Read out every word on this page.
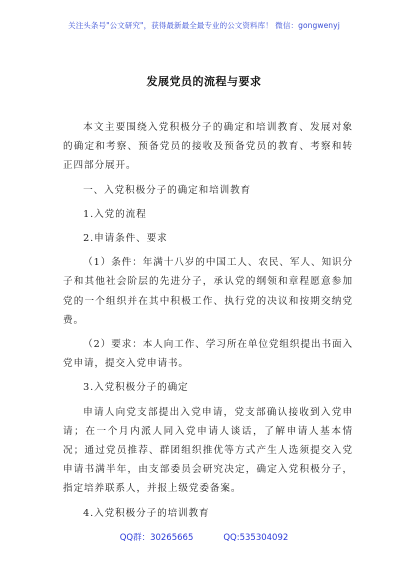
关注头条号"公文研究"，获得最新最全最专业的公文资料库！ 微信：gongwenyj
发展党员的流程与要求

本文主要围绕入党积极分子的确定和培训教育、发展对象的确定和考察、预备党员的接收及预备党员的教育、考察和转正四部分展开。

一、入党积极分子的确定和培训教育

1.入党的流程

2.申请条件、要求

（1）条件：年满十八岁的中国工人、农民、军人、知识分子和其他社会阶层的先进分子，承认党的纲领和章程愿意参加党的一个组织并在其中积极工作、执行党的决议和按期交纳党费。

（2）要求：本人向工作、学习所在单位党组织提出书面入党申请，提交入党申请书。

3.入党积极分子的确定

申请人向党支部提出入党申请，党支部确认接收到入党申请；在一个月内派人同入党申请人谈话，了解申请人基本情况；通过党员推荐、群团组织推优等方式产生人选须提交入党申请书满半年，由支部委员会研究决定，确定入党积极分子，指定培养联系人，并报上级党委备案。

4.入党积极分子的培训教育

QQ群：30265665	QQ:535304092
